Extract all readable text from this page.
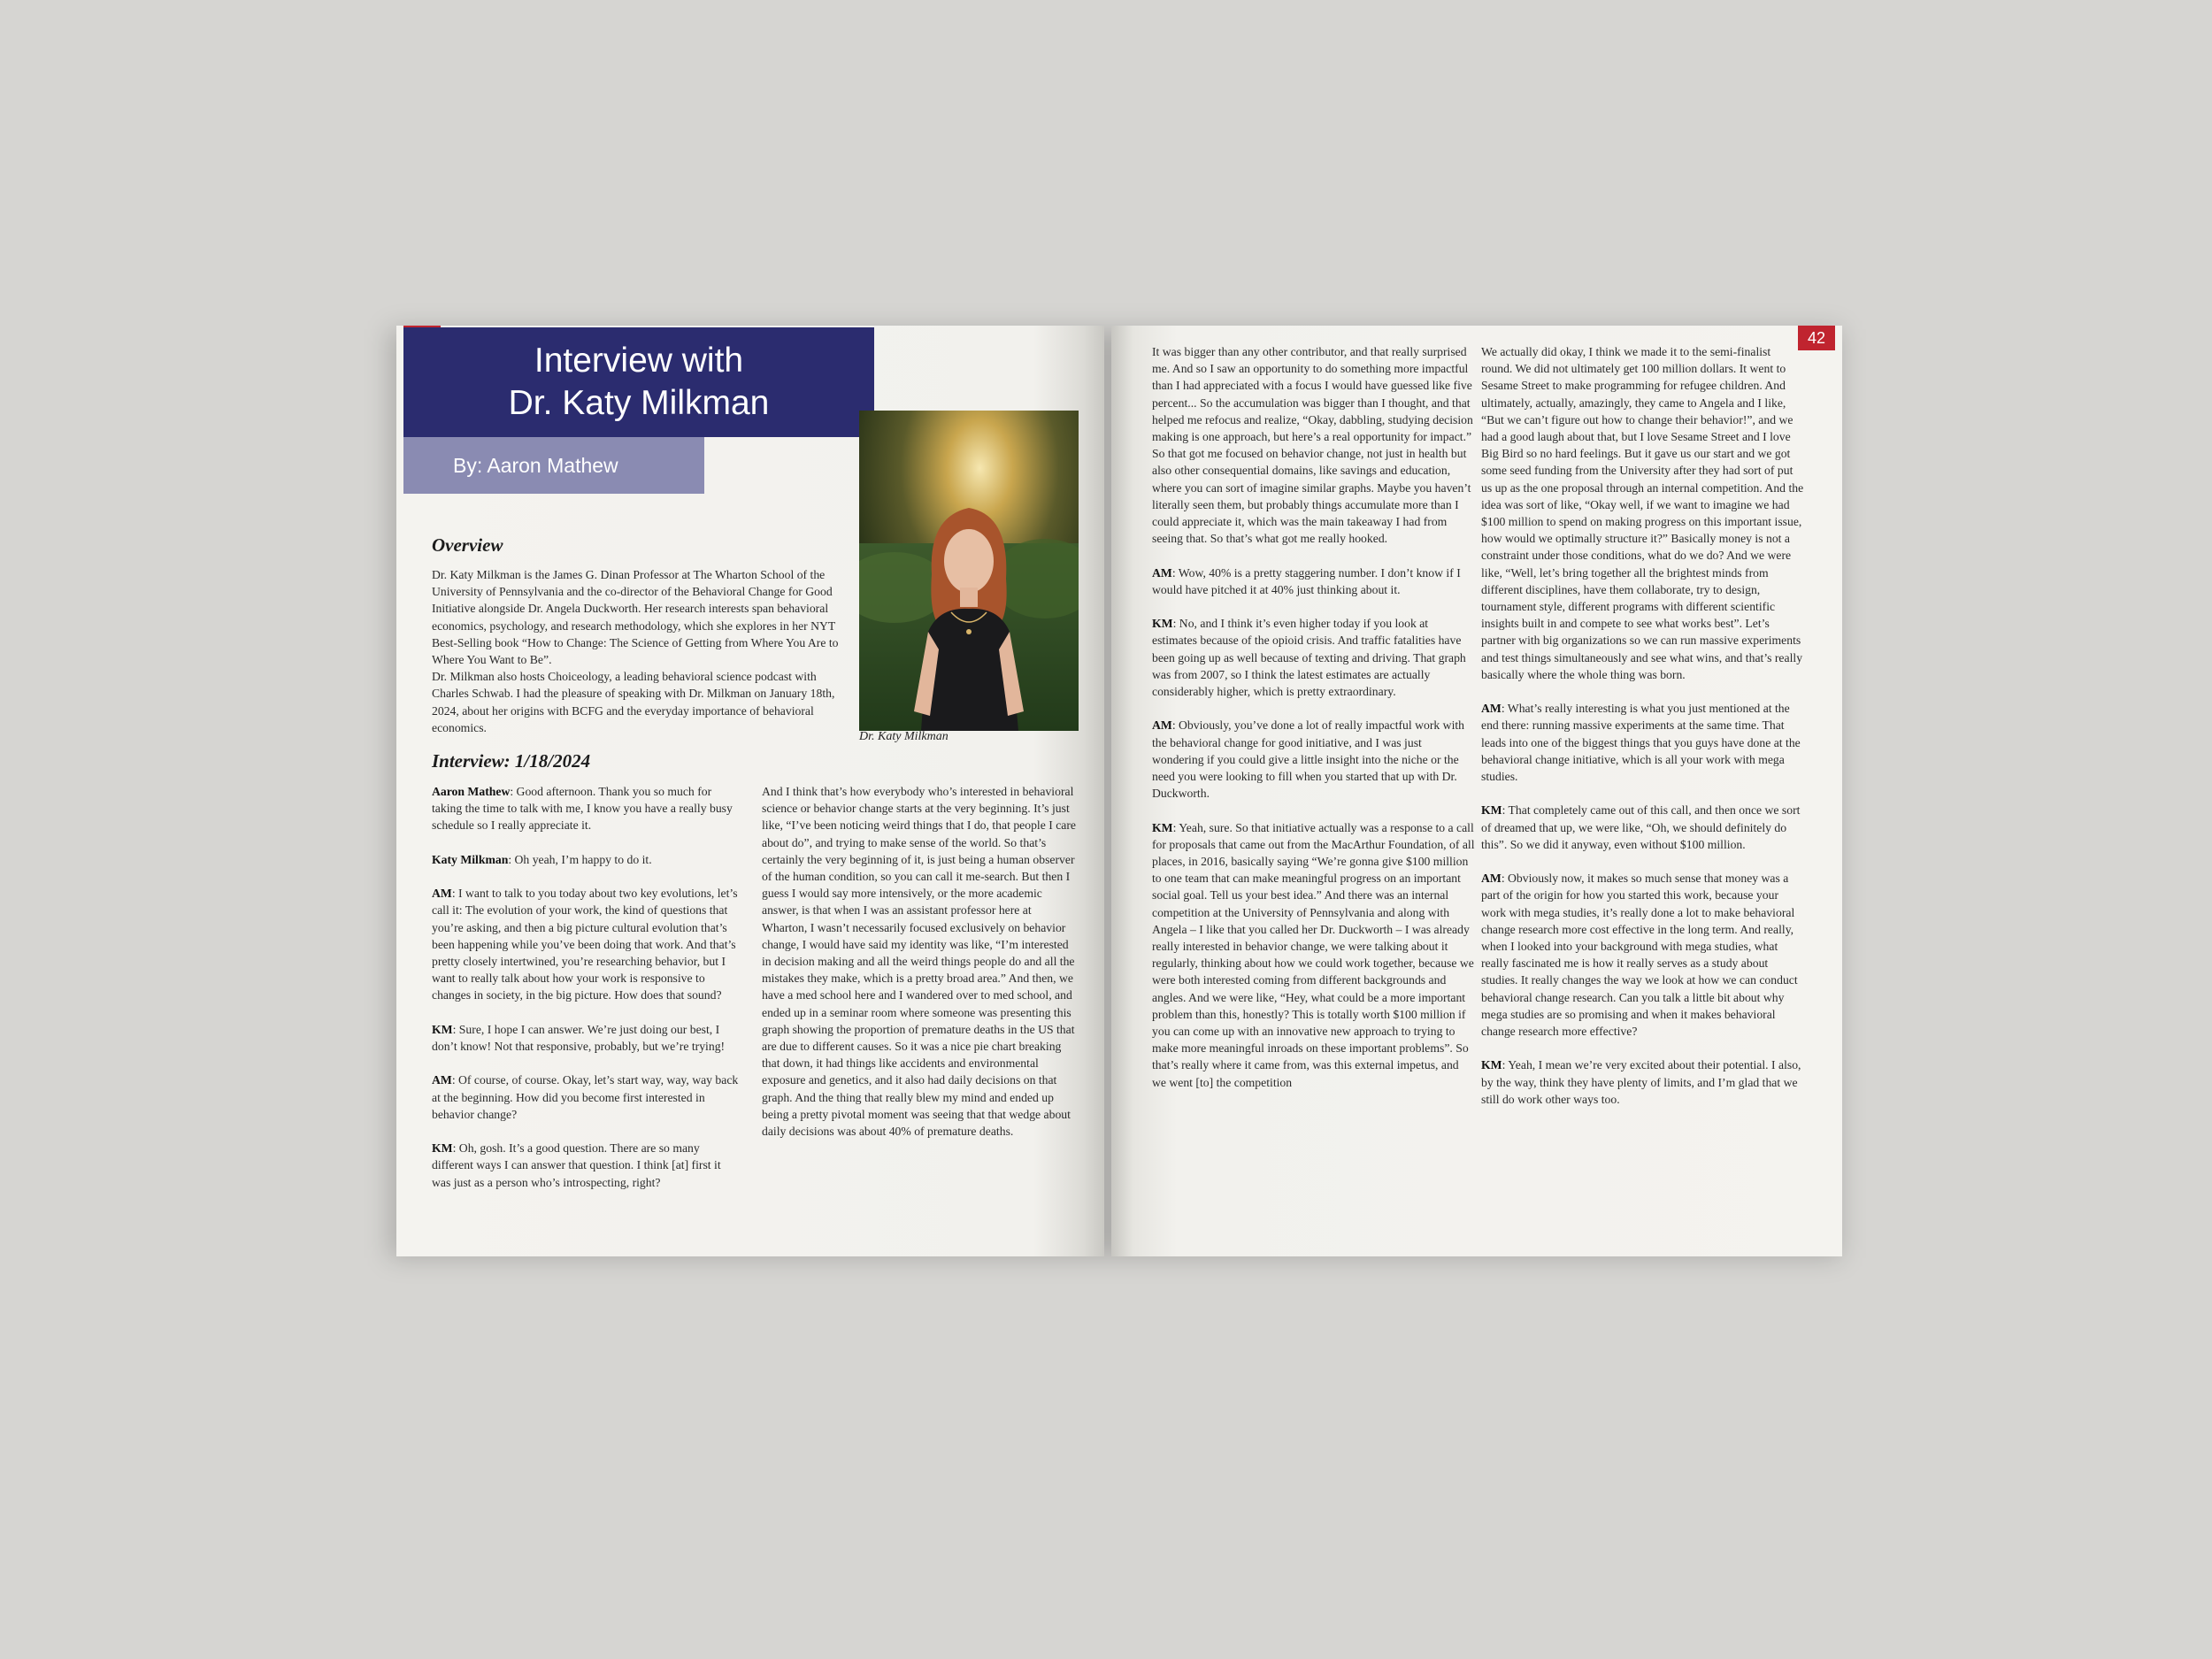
Interview with
Dr. Katy Milkman
By: Aaron Mathew
Dr. Katy Milkman
Overview

Dr. Katy Milkman is the James G. Dinan Professor at The Wharton School of the University of Pennsylvania and the co-director of the Behavioral Change for Good Initiative alongside Dr. Angela Duckworth. Her research interests span behavioral economics, psychology, and research methodology, which she explores in her NYT Best-Selling book “How to Change: The Science of Getting from Where You Are to Where You Want to Be”.

Dr. Milkman also hosts Choiceology, a leading behavioral science podcast with Charles Schwab. I had the pleasure of speaking with Dr. Milkman on January 18th, 2024, about her origins with BCFG and the everyday importance of behavioral economics.

Interview: 1/18/2024

Aaron Mathew: Good afternoon. Thank you so much for taking the time to talk with me, I know you have a really busy schedule so I really appreciate it.

Katy Milkman: Oh yeah, I’m happy to do it.

AM: I want to talk to you today about two key evolutions, let’s call it: The evolution of your work, the kind of questions that you’re asking, and then a big picture cultural evolution that’s been happening while you’ve been doing that work. And that’s pretty closely intertwined, you’re researching behavior, but I want to really talk about how your work is responsive to changes in society, in the big picture. How does that sound?

KM: Sure, I hope I can answer. We’re just doing our best, I don’t know! Not that responsive, probably, but we’re trying!

AM: Of course, of course. Okay, let’s start way, way, way back at the beginning. How did you become first interested in behavior change?

KM: Oh, gosh. It’s a good question. There are so many different ways I can answer that question. I think [at] first it was just as a person who’s introspecting, right?

And I think that’s how everybody who’s interested in behavioral science or behavior change starts at the very beginning. It’s just like, “I’ve been noticing weird things that I do, that people I care about do”, and trying to make sense of the world. So that’s certainly the very beginning of it, is just being a human observer of the human condition, so you can call it me-search. But then I guess I would say more intensively, or the more academic answer, is that when I was an assistant professor here at Wharton, I wasn’t necessarily focused exclusively on behavior change, I would have said my identity was like, “I’m interested in decision making and all the weird things people do and all the mistakes they make, which is a pretty broad area.” And then, we have a med school here and I wandered over to med school, and ended up in a seminar room where someone was presenting this graph showing the proportion of premature deaths in the US that are due to different causes. So it was a nice pie chart breaking that down, it had things like accidents and environmental exposure and genetics, and it also had daily decisions on that graph. And the thing that really blew my mind and ended up being a pretty pivotal moment was seeing that that wedge about daily decisions was about 40% of premature deaths.

42

It was bigger than any other contributor, and that really surprised me. And so I saw an opportunity to do something more impactful than I had appreciated with a focus I would have guessed like five percent... So the accumulation was bigger than I thought, and that helped me refocus and realize, “Okay, dabbling, studying decision making is one approach, but here’s a real opportunity for impact.” So that got me focused on behavior change, not just in health but also other consequential domains, like savings and education, where you can sort of imagine similar graphs. Maybe you haven’t literally seen them, but probably things accumulate more than I could appreciate it, which was the main takeaway I had from seeing that. So that’s what got me really hooked.

AM: Wow, 40% is a pretty staggering number. I don’t know if I would have pitched it at 40% just thinking about it.

KM: No, and I think it’s even higher today if you look at estimates because of the opioid crisis. And traffic fatalities have been going up as well because of texting and driving. That graph was from 2007, so I think the latest estimates are actually considerably higher, which is pretty extraordinary.

AM: Obviously, you’ve done a lot of really impactful work with the behavioral change for good initiative, and I was just wondering if you could give a little insight into the niche or the need you were looking to fill when you started that up with Dr. Duckworth.

KM: Yeah, sure. So that initiative actually was a response to a call for proposals that came out from the MacArthur Foundation, of all places, in 2016, basically saying “We’re gonna give $100 million to one team that can make meaningful progress on an important social goal. Tell us your best idea.” And there was an internal competition at the University of Pennsylvania and along with Angela – I like that you called her Dr. Duckworth – I was already really interested in behavior change, we were talking about it regularly, thinking about how we could work together, because we were both interested coming from different backgrounds and angles. And we were like, “Hey, what could be a more important problem than this, honestly? This is totally worth $100 million if you can come up with an innovative new approach to trying to make more meaningful inroads on these important problems”. So that’s really where it came from, was this external impetus, and we went [to] the competition

We actually did okay, I think we made it to the semi-finalist round. We did not ultimately get 100 million dollars. It went to Sesame Street to make programming for refugee children. And ultimately, actually, amazingly, they came to Angela and I like, “But we can’t figure out how to change their behavior!”, and we had a good laugh about that, but I love Sesame Street and I love Big Bird so no hard feelings. But it gave us our start and we got some seed funding from the University after they had sort of put us up as the one proposal through an internal competition. And the idea was sort of like, “Okay well, if we want to imagine we had $100 million to spend on making progress on this important issue, how would we optimally structure it?” Basically money is not a constraint under those conditions, what do we do? And we were like, “Well, let’s bring together all the brightest minds from different disciplines, have them collaborate, try to design, tournament style, different programs with different scientific insights built in and compete to see what works best”. Let’s partner with big organizations so we can run massive experiments and test things simultaneously and see what wins, and that’s really basically where the whole thing was born.

AM: What’s really interesting is what you just mentioned at the end there: running massive experiments at the same time. That leads into one of the biggest things that you guys have done at the behavioral change initiative, which is all your work with mega studies.

KM: That completely came out of this call, and then once we sort of dreamed that up, we were like, “Oh, we should definitely do this”. So we did it anyway, even without $100 million.

AM: Obviously now, it makes so much sense that money was a part of the origin for how you started this work, because your work with mega studies, it’s really done a lot to make behavioral change research more cost effective in the long term. And really, when I looked into your background with mega studies, what really fascinated me is how it really serves as a study about studies. It really changes the way we look at how we can conduct behavioral change research. Can you talk a little bit about why mega studies are so promising and when it makes behavioral change research more effective?

KM: Yeah, I mean we’re very excited about their potential. I also, by the way, think they have plenty of limits, and I’m glad that we still do work other ways too.
